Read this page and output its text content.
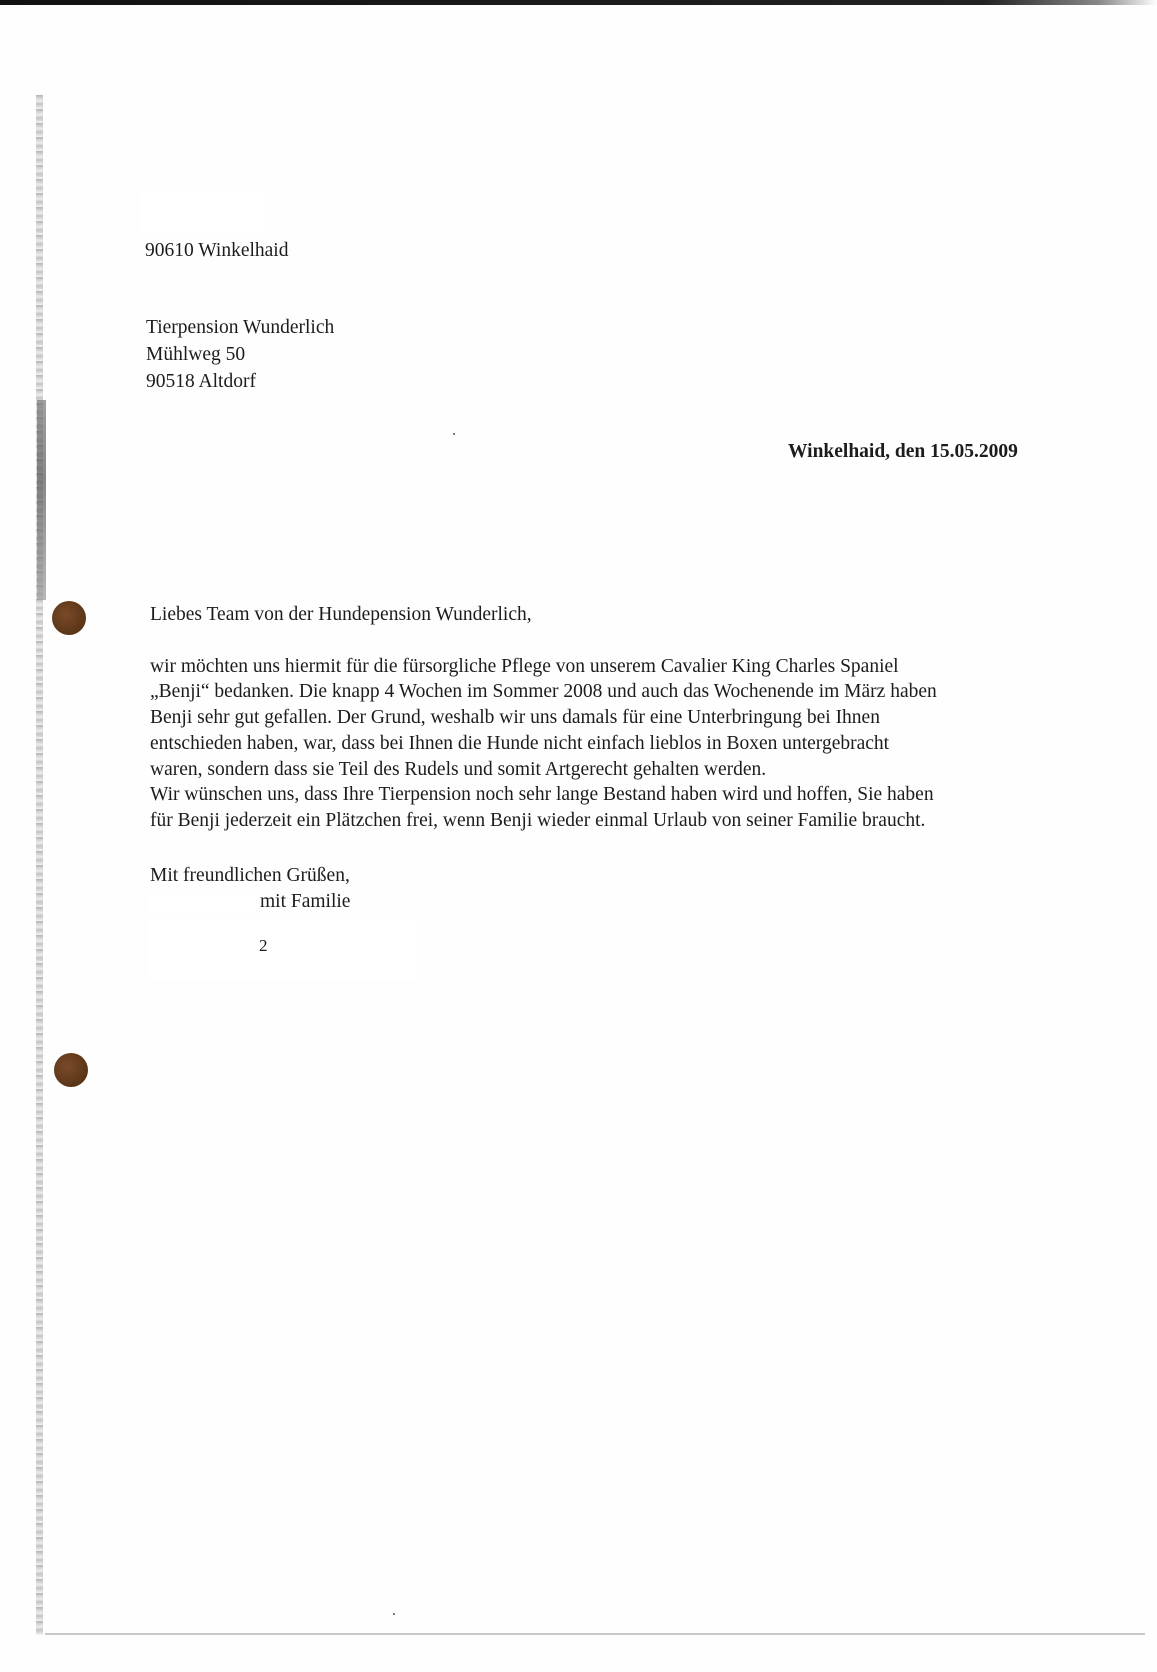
90610 Winkelhaid
Tierpension Wunderlich
Mühlweg 50
90518 Altdorf
Winkelhaid, den 15.05.2009
Liebes Team von der Hundepension Wunderlich,
wir möchten uns hiermit für die fürsorgliche Pflege von unserem Cavalier King Charles Spaniel
„Benji“ bedanken. Die knapp 4 Wochen im Sommer 2008 und auch das Wochenende im März haben
Benji sehr gut gefallen. Der Grund, weshalb wir uns damals für eine Unterbringung bei Ihnen
entschieden haben, war, dass bei Ihnen die Hunde nicht einfach lieblos in Boxen untergebracht
waren, sondern dass sie Teil des Rudels und somit Artgerecht gehalten werden.
Wir wünschen uns, dass Ihre Tierpension noch sehr lange Bestand haben wird und hoffen, Sie haben
für Benji jederzeit ein Plätzchen frei, wenn Benji wieder einmal Urlaub von seiner Familie braucht.
Mit freundlichen Grüßen,
mit Familie
2
